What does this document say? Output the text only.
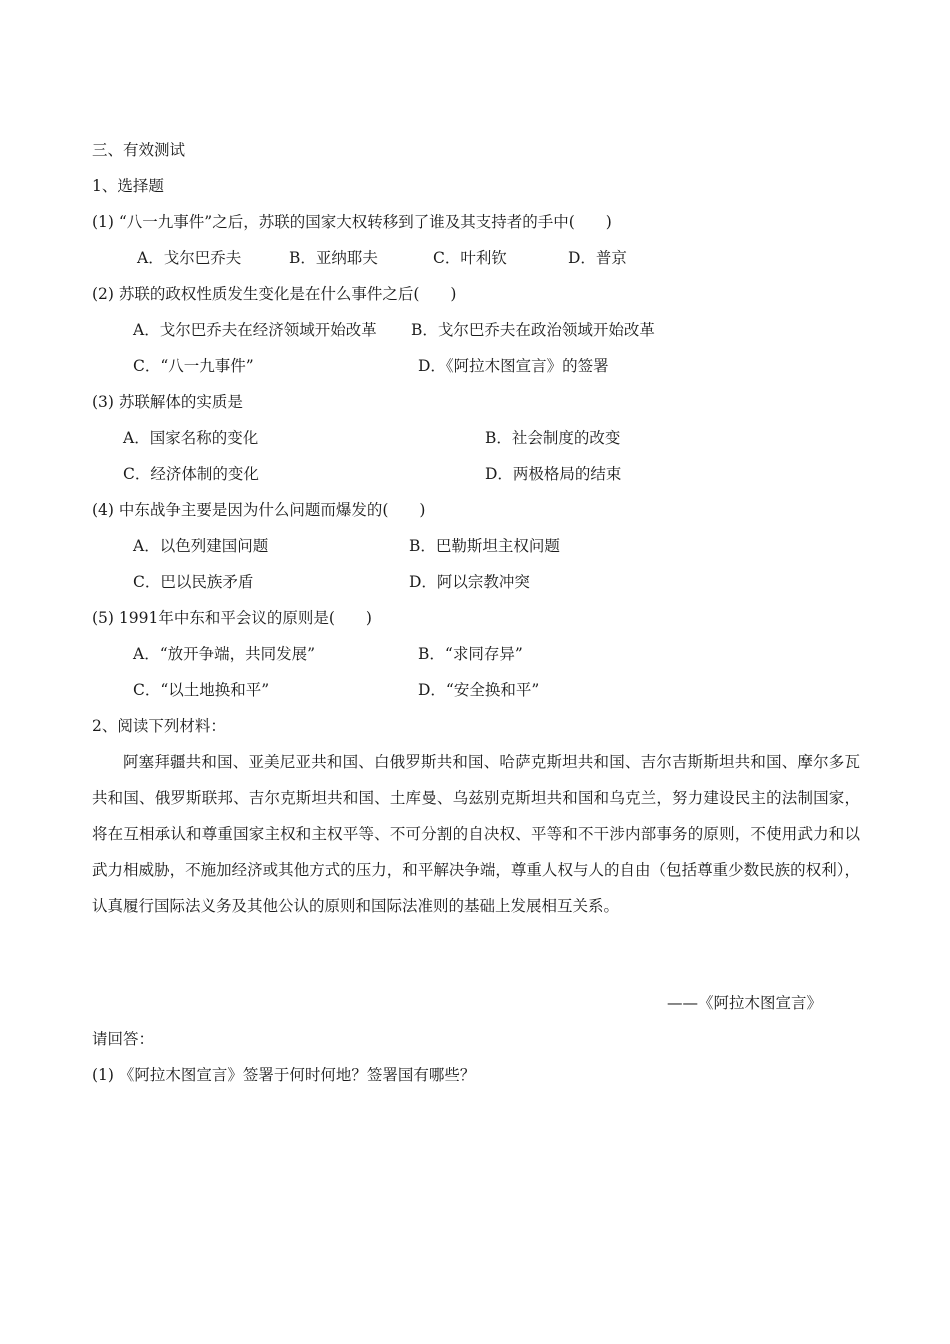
三、有效测试
1、选择题
(1) “八一九事件”之后，苏联的国家大权转移到了谁及其支持者的手中(　　)
A．戈尔巴乔夫	B．亚纳耶夫	C．叶利钦	D．普京
(2) 苏联的政权性质发生变化是在什么事件之后(　　)
A．戈尔巴乔夫在经济领域开始改革 B．戈尔巴乔夫在政治领域开始改革
C．“八一九事件”	D．《阿拉木图宣言》的签署
(3) 苏联解体的实质是
A．国家名称的变化	B．社会制度的改变
C．经济体制的变化	D．两极格局的结束
(4) 中东战争主要是因为什么问题而爆发的(　　)
A．以色列建国问题	B．巴勒斯坦主权问题
C．巴以民族矛盾	D．阿以宗教冲突
(5) 1991年中东和平会议的原则是(　　)
A．“放开争端，共同发展”	B．“求同存异”
C．“以土地换和平”	D．“安全换和平”
2、阅读下列材料：
阿塞拜疆共和国、亚美尼亚共和国、白俄罗斯共和国、哈萨克斯坦共和国、吉尔吉斯斯坦共和国、摩尔多瓦共和国、俄罗斯联邦、吉尔克斯坦共和国、土库曼、乌兹别克斯坦共和国和乌克兰，努力建设民主的法制国家，将在互相承认和尊重国家主权和主权平等、不可分割的自决权、平等和不干涉内部事务的原则，不使用武力和以武力相威胁，不施加经济或其他方式的压力，和平解决争端，尊重人权与人的自由（包括尊重少数民族的权利），认真履行国际法义务及其他公认的原则和国际法准则的基础上发展相互关系。
——《阿拉木图宣言》
请回答：
(1) 《阿拉木图宣言》签署于何时何地？签署国有哪些？
